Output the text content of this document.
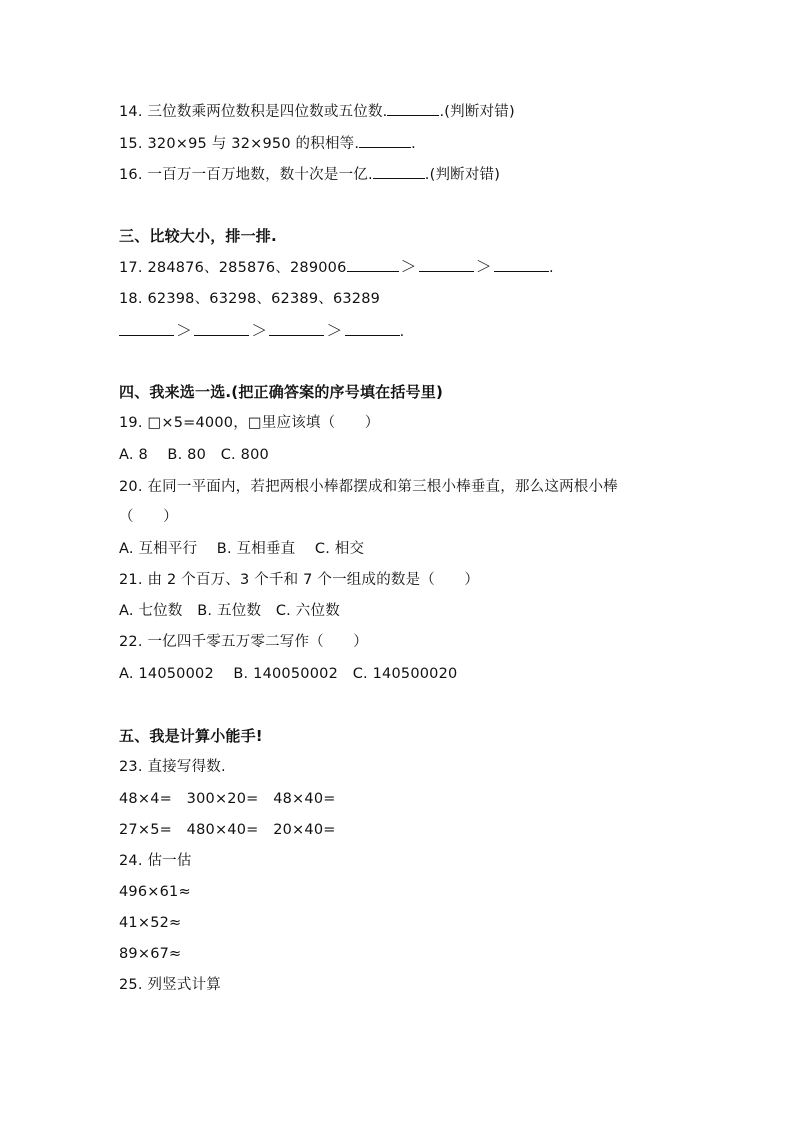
14. 三位数乘两位数积是四位数或五位数.	.(判断对错)
15. 320×95 与 32×950 的积相等.	.
16. 一百万一百万地数，数十次是一亿.	.(判断对错)
三、比较大小，排一排.
17. 284876、285876、289006	＞	＞	.
18. 62398、63298、62389、63289
＞	＞	＞	.
四、我来选一选.(把正确答案的序号填在括号里)
19. □×5=4000，□里应该填（　　）
A. 8　 B. 80　C. 800
20. 在同一平面内，若把两根小棒都摆成和第三根小棒垂直，那么这两根小棒
（　　）
A. 互相平行　 B. 互相垂直　 C. 相交
21. 由 2 个百万、3 个千和 7 个一组成的数是（　　）
A. 七位数　B. 五位数　C. 六位数
22. 一亿四千零五万零二写作（　　）
A. 14050002　 B. 140050002　C. 140500020
五、我是计算小能手!
23. 直接写得数.
48×4=　300×20=　48×40=
27×5=　480×40=　20×40=
24. 估一估
496×61≈
41×52≈
89×67≈
25. 列竖式计算
